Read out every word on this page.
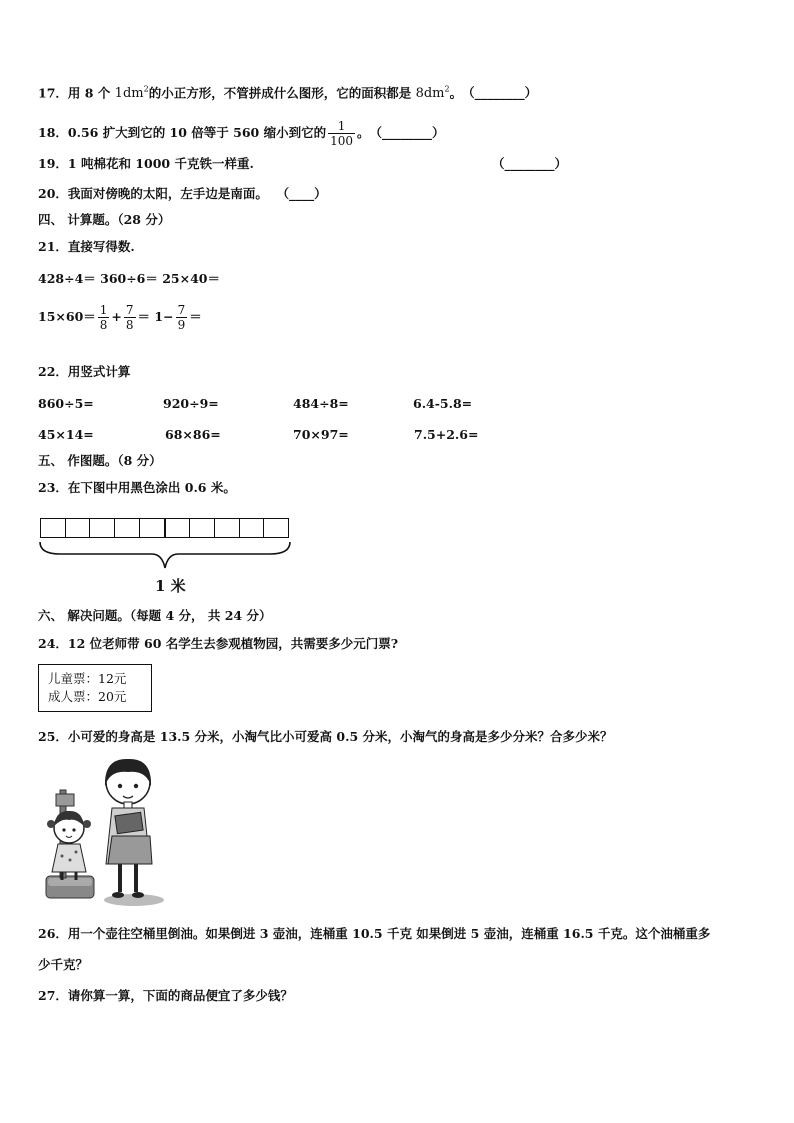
17．用 8 个 $1dm^2$的小正方形，不管拼成什么图形，它的面积都是 $8dm^2$。（________）
18．0.56 扩大到它的 10 倍等于 560 缩小到它的 $\frac{1}{100}$ 。（________）
19．1 吨棉花和 1000 千克铁一样重.	（________）
20．我面对傍晚的太阳，左手边是南面。 （____）
四、 计算题。（28 分）
21．直接写得数.
428÷4＝ 360÷6＝ 25×40＝
$15\times 60= \frac{1}{8} + \frac{7}{8} = 1- \frac{7}{9}$ ＝
22．用竖式计算
860÷5=	920÷9=	484÷8=	6.4-5.8=
45×14=	68×86=	70×97=	7.5+2.6=
五、 作图题。（8 分）
23．在下图中用黑色涂出 0.6 米。
1 米
六、 解决问题。（每题 4 分， 共 24 分）
24．12 位老师带 60 名学生去参观植物园，共需要多少元门票?
儿童票：12元
成人票：20元
25．小可爱的身高是 13.5 分米，小淘气比小可爱高 0.5 分米，小淘气的身高是多少分米？合多少米？
26．用一个壶往空桶里倒油。如果倒进 3 壶油，连桶重 10.5 千克 如果倒进 5 壶油，连桶重 16.5 千克。这个油桶重多
少千克？
27．请你算一算，下面的商品便宜了多少钱？
